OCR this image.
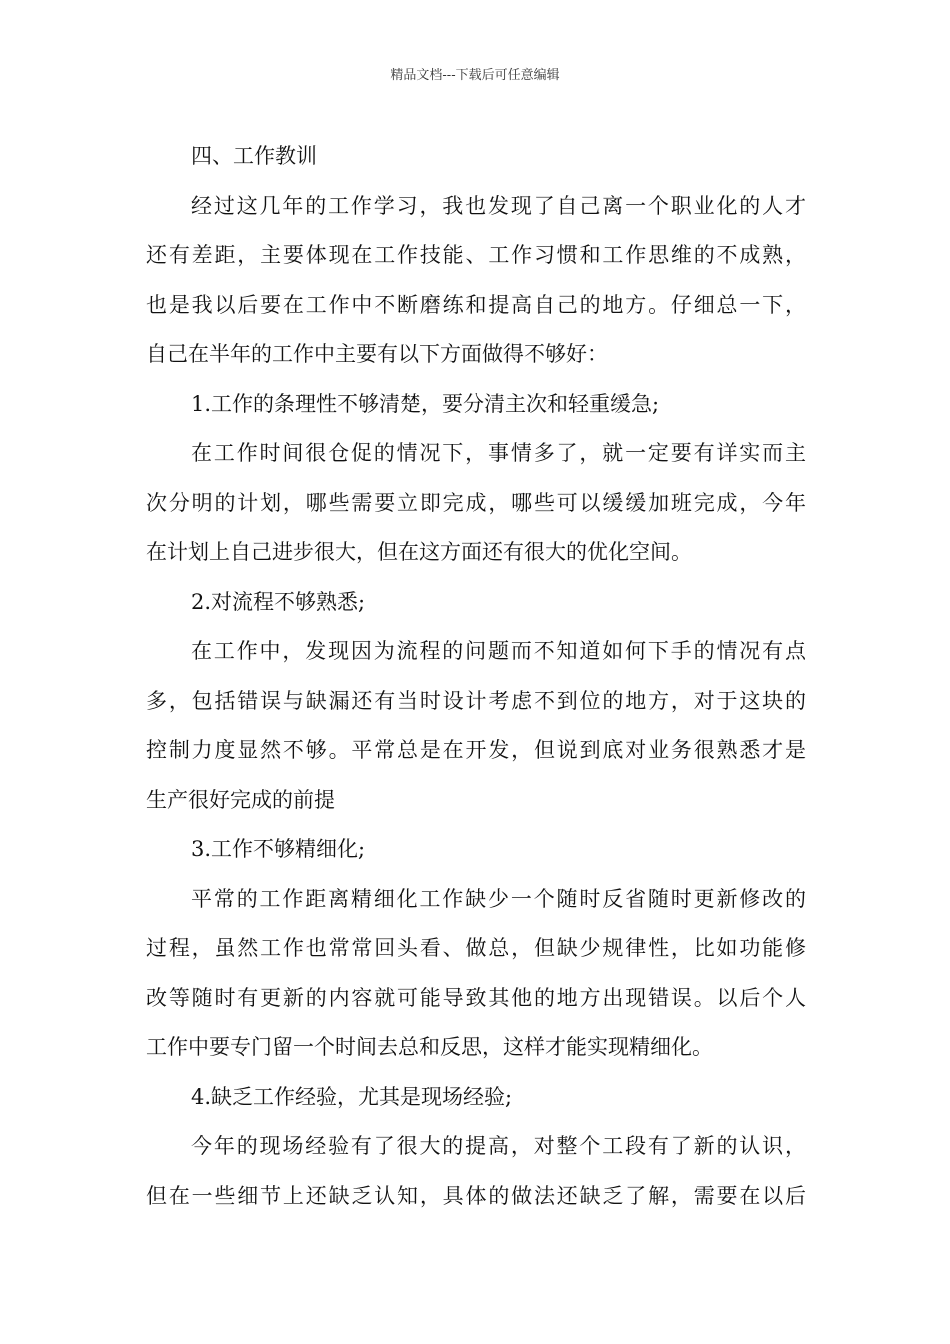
精品文档---下载后可任意编辑
四、工作教训
经过这几年的工作学习，我也发现了自己离一个职业化的人才
还有差距，主要体现在工作技能、工作习惯和工作思维的不成熟，
也是我以后要在工作中不断磨练和提高自己的地方。仔细总一下，
自己在半年的工作中主要有以下方面做得不够好：
1.工作的条理性不够清楚，要分清主次和轻重缓急;
在工作时间很仓促的情况下，事情多了，就一定要有详实而主
次分明的计划，哪些需要立即完成，哪些可以缓缓加班完成，今年
在计划上自己进步很大，但在这方面还有很大的优化空间。
2.对流程不够熟悉;
在工作中，发现因为流程的问题而不知道如何下手的情况有点
多，包括错误与缺漏还有当时设计考虑不到位的地方，对于这块的
控制力度显然不够。平常总是在开发，但说到底对业务很熟悉才是
生产很好完成的前提
3.工作不够精细化;
平常的工作距离精细化工作缺少一个随时反省随时更新修改的
过程，虽然工作也常常回头看、做总，但缺少规律性，比如功能修
改等随时有更新的内容就可能导致其他的地方出现错误。以后个人
工作中要专门留一个时间去总和反思，这样才能实现精细化。
4.缺乏工作经验，尤其是现场经验;
今年的现场经验有了很大的提高，对整个工段有了新的认识，
但在一些细节上还缺乏认知，具体的做法还缺乏了解，需要在以后
